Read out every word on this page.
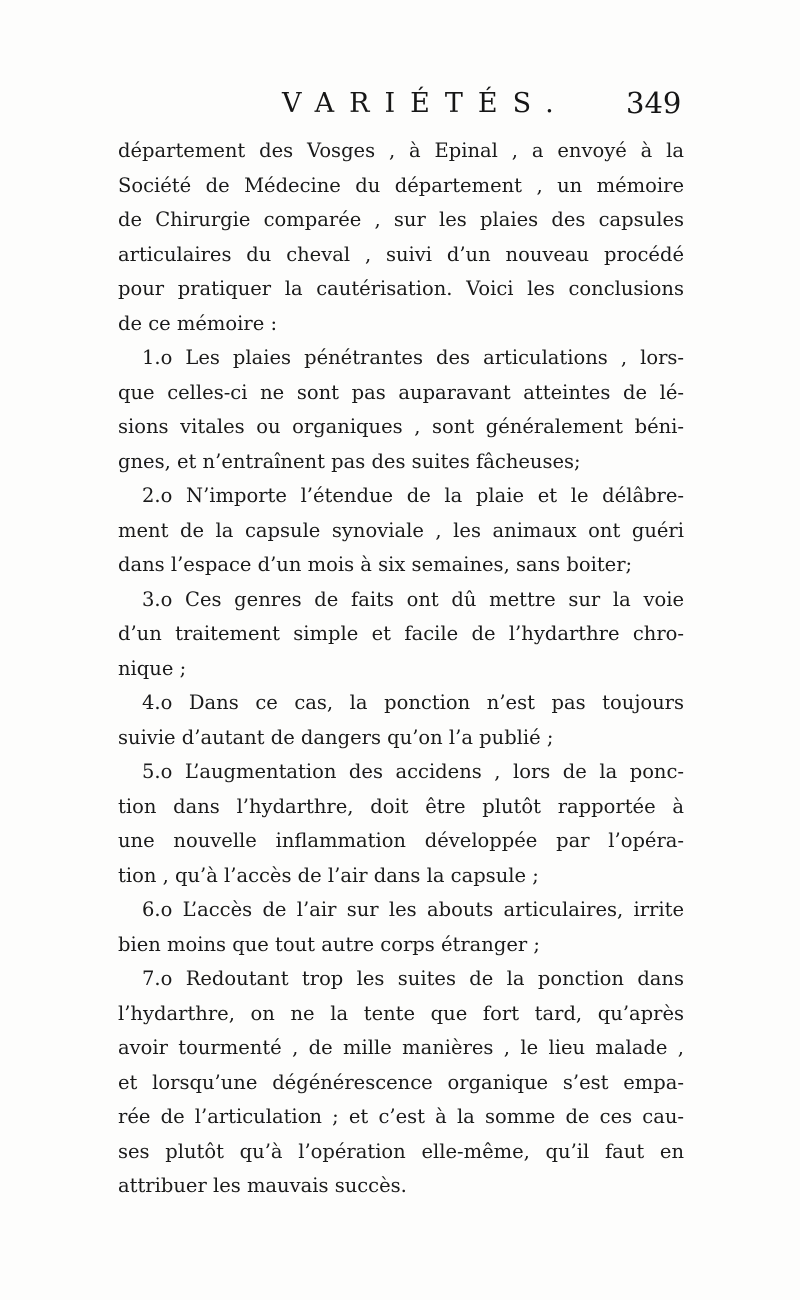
VARIÉTÉS. 349
département des Vosges , à Epinal , a envoyé à la
Société de Médecine du département , un mémoire
de Chirurgie comparée , sur les plaies des capsules
articulaires du cheval , suivi d’un nouveau procédé
pour pratiquer la cautérisation. Voici les conclusions
de ce mémoire :
1.o Les plaies pénétrantes des articulations , lors-
que celles-ci ne sont pas auparavant atteintes de lé-
sions vitales ou organiques , sont généralement béni-
gnes, et n’entraînent pas des suites fâcheuses;
2.o N’importe l’étendue de la plaie et le délâbre-
ment de la capsule synoviale , les animaux ont guéri
dans l’espace d’un mois à six semaines, sans boiter;
3.o Ces genres de faits ont dû mettre sur la voie
d’un traitement simple et facile de l’hydarthre chro-
nique ;
4.o Dans ce cas, la ponction n’est pas toujours
suivie d’autant de dangers qu’on l’a publié ;
5.o L’augmentation des accidens , lors de la ponc-
tion dans l’hydarthre, doit être plutôt rapportée à
une nouvelle inflammation développée par l’opéra-
tion , qu’à l’accès de l’air dans la capsule ;
6.o L’accès de l’air sur les abouts articulaires, irrite
bien moins que tout autre corps étranger ;
7.o Redoutant trop les suites de la ponction dans
l’hydarthre, on ne la tente que fort tard, qu’après
avoir tourmenté , de mille manières , le lieu malade ,
et lorsqu’une dégénérescence organique s’est empa-
rée de l’articulation ; et c’est à la somme de ces cau-
ses plutôt qu’à l’opération elle-même, qu’il faut en
attribuer les mauvais succès.
